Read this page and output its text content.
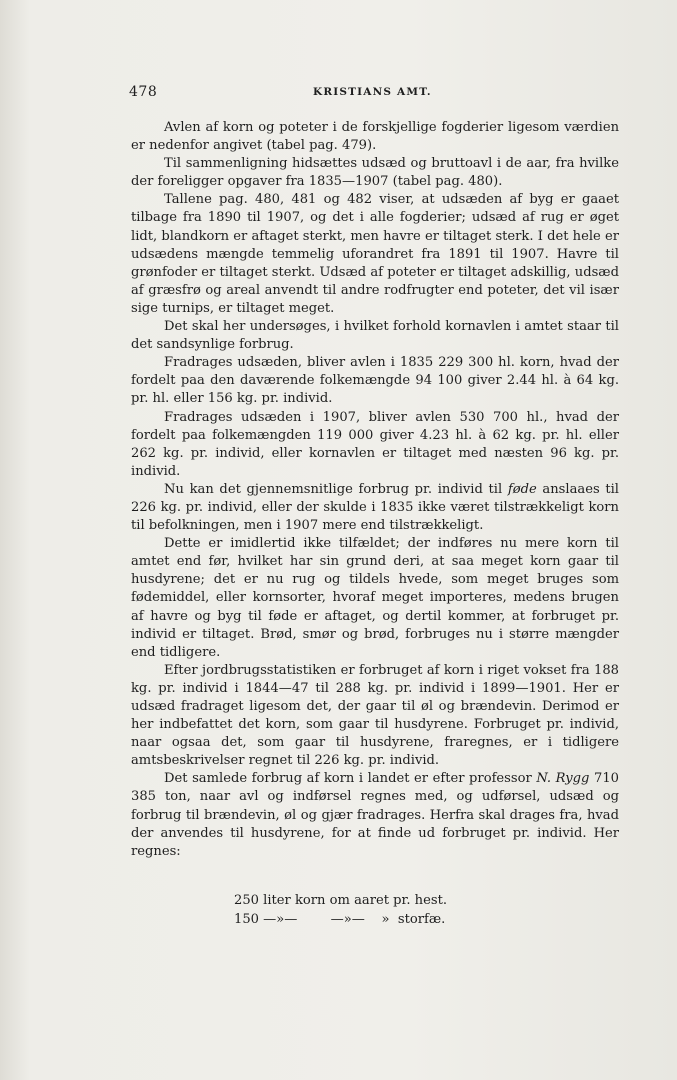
478	KRISTIANS AMT.

Avlen af korn og poteter i de forskjellige fogderier ligesom værdien er nedenfor angivet (tabel pag. 479).

Til sammenligning hidsættes udsæd og bruttoavl i de aar, fra hvilke der foreligger opgaver fra 1835—1907 (tabel pag. 480).

Tallene pag. 480, 481 og 482 viser, at udsæden af byg er gaaet tilbage fra 1890 til 1907, og det i alle fogderier; udsæd af rug er øget lidt, blandkorn er aftaget sterkt, men havre er tiltaget sterk. I det hele er udsædens mængde temmelig uforandret fra 1891 til 1907. Havre til grønfoder er tiltaget sterkt. Udsæd af poteter er tiltaget adskillig, udsæd af græsfrø og areal anvendt til andre rodfrugter end poteter, det vil især sige turnips, er tiltaget meget.

Det skal her undersøges, i hvilket forhold kornavlen i amtet staar til det sandsynlige forbrug.

Fradrages udsæden, bliver avlen i 1835 229 300 hl. korn, hvad der fordelt paa den daværende folkemængde 94 100 giver 2.44 hl. à 64 kg. pr. hl. eller 156 kg. pr. individ.

Fradrages udsæden i 1907, bliver avlen 530 700 hl., hvad der fordelt paa folkemængden 119 000 giver 4.23 hl. à 62 kg. pr. hl. eller 262 kg. pr. individ, eller kornavlen er tiltaget med næsten 96 kg. pr. individ.

Nu kan det gjennemsnitlige forbrug pr. individ til føde anslaaes til 226 kg. pr. individ, eller der skulde i 1835 ikke været tilstrækkeligt korn til befolkningen, men i 1907 mere end tilstrækkeligt.

Dette er imidlertid ikke tilfældet; der indføres nu mere korn til amtet end før, hvilket har sin grund deri, at saa meget korn gaar til husdyrene; det er nu rug og tildels hvede, som meget bruges som fødemiddel, eller kornsorter, hvoraf meget importeres, medens brugen af havre og byg til føde er aftaget, og dertil kommer, at forbruget pr. individ er tiltaget. Brød, smør og brød, forbruges nu i større mængder end tidligere.

Efter jordbrugsstatistiken er forbruget af korn i riget vokset fra 188 kg. pr. individ i 1844—47 til 288 kg. pr. individ i 1899—1901. Her er udsæd fradraget ligesom det, der gaar til øl og brændevin. Derimod er her indbefattet det korn, som gaar til husdyrene. Forbruget pr. individ, naar ogsaa det, som gaar til husdyrene, fraregnes, er i tidligere amtsbeskrivelser regnet til 226 kg. pr. individ.

Det samlede forbrug af korn i landet er efter professor N. Rygg 710 385 ton, naar avl og indførsel regnes med, og udførsel, udsæd og forbrug til brændevin, øl og gjær fradrages. Herfra skal drages fra, hvad der anvendes til husdyrene, for at finde ud forbruget pr. individ. Her regnes:

250 liter korn om aaret pr. hest.
150 —»—        —»—    »  storfæ.
